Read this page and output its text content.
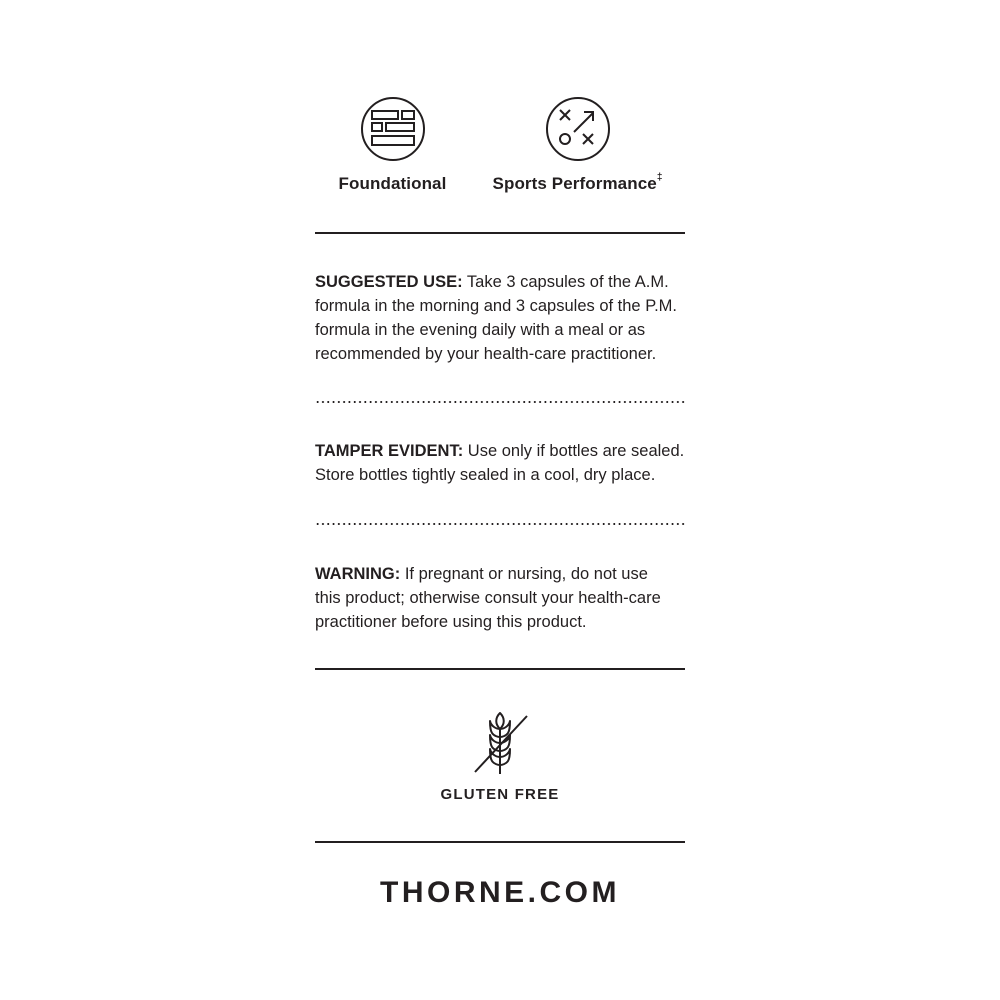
Foundational	Sports Performance‡
SUGGESTED USE: Take 3 capsules of the A.M.
formula in the morning and 3 capsules of the P.M.
formula in the evening daily with a meal or as
recommended by your health-care practitioner.
TAMPER EVIDENT: Use only if bottles are sealed.
Store bottles tightly sealed in a cool, dry place.
WARNING: If pregnant or nursing, do not use
this product; otherwise consult your health-care
practitioner before using this product.
GLUTEN FREE
THORNE.COM
